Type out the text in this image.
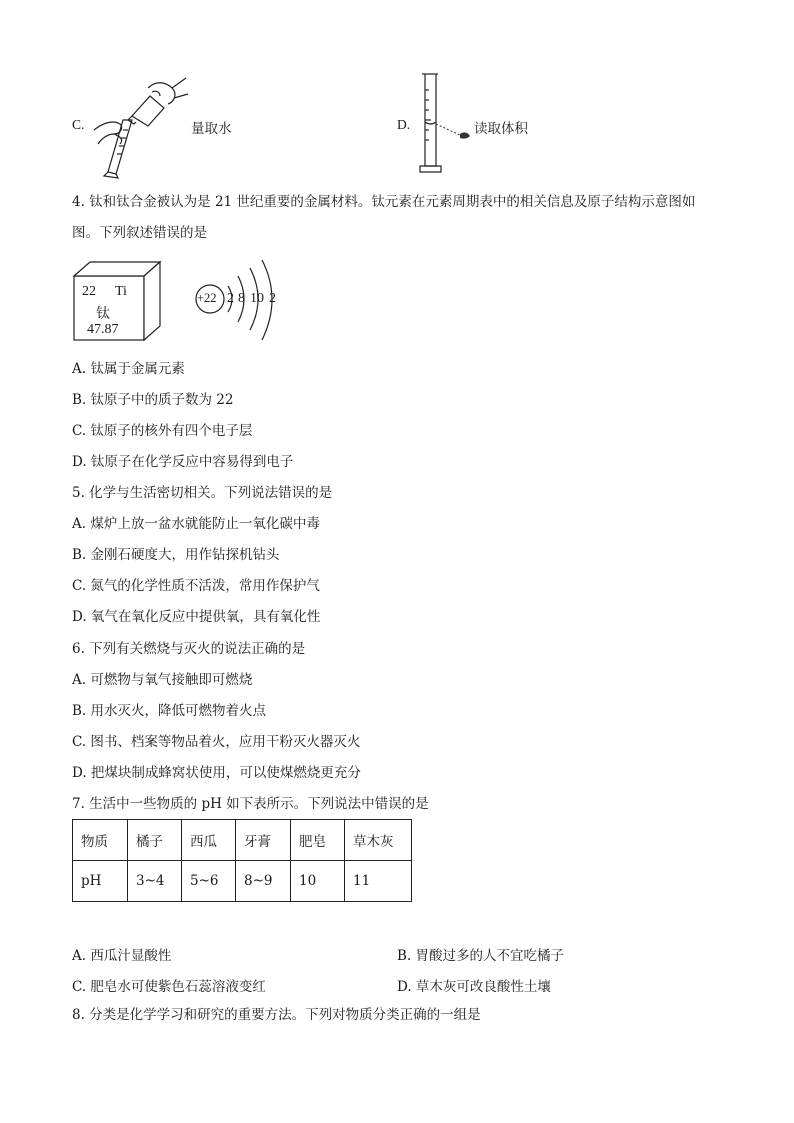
C.	量取水	D.	读取体积
4. 钛和钛合金被认为是 21 世纪重要的金属材料。钛元素在元素周期表中的相关信息及原子结构示意图如
图。下列叙述错误的是
22 Ti
钛
47.87
+22 2 8 10 2
A. 钛属于金属元素
B. 钛原子中的质子数为 22
C. 钛原子的核外有四个电子层
D. 钛原子在化学反应中容易得到电子
5. 化学与生活密切相关。下列说法错误的是
A. 煤炉上放一盆水就能防止一氧化碳中毒
B. 金刚石硬度大，用作钻探机钻头
C. 氮气的化学性质不活泼，常用作保护气
D. 氧气在氧化反应中提供氧，具有氧化性
6. 下列有关燃烧与灭火的说法正确的是
A. 可燃物与氧气接触即可燃烧
B. 用水灭火，降低可燃物着火点
C. 图书、档案等物品着火，应用干粉灭火器灭火
D. 把煤块制成蜂窝状使用，可以使煤燃烧更充分
7. 生活中一些物质的 pH 如下表所示。下列说法中错误的是
物质	橘子	西瓜	牙膏	肥皂	草木灰
pH	3~4	5~6	8~9	10	11
A. 西瓜汁显酸性	B. 胃酸过多的人不宜吃橘子
C. 肥皂水可使紫色石蕊溶液变红	D. 草木灰可改良酸性土壤
8. 分类是化学学习和研究的重要方法。下列对物质分类正确的一组是
